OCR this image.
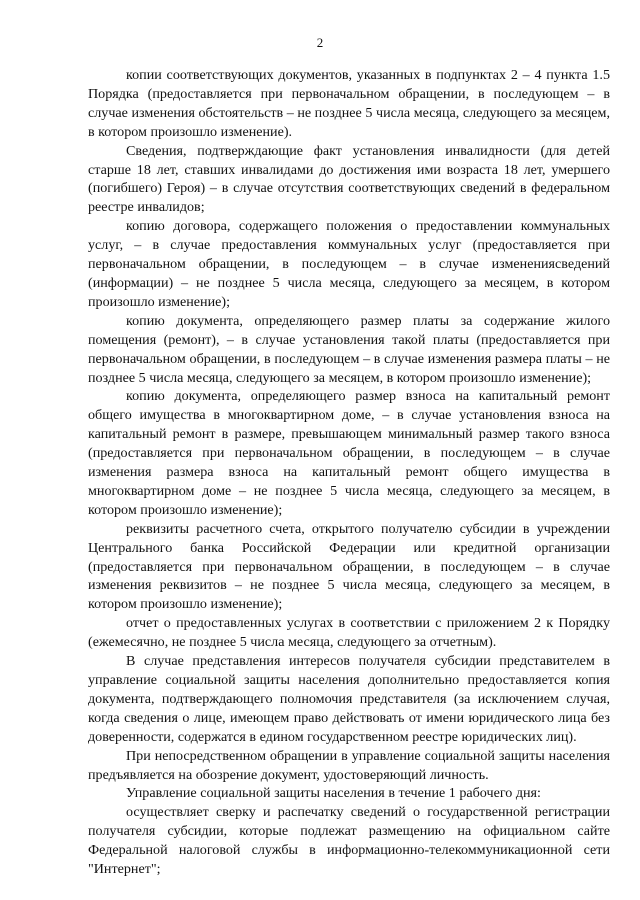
2

копии соответствующих документов, указанных в подпунктах 2 – 4 пункта 1.5 Порядка (предоставляется при первоначальном обращении, в последующем – в случае изменения обстоятельств – не позднее 5 числа месяца, следующего за месяцем, в котором произошло изменение).

Сведения, подтверждающие факт установления инвалидности (для детей старше 18 лет, ставших инвалидами до достижения ими возраста 18 лет, умершего (погибшего) Героя) – в случае отсутствия соответствующих сведений в федеральном реестре инвалидов;

копию договора, содержащего положения о предоставлении коммунальных услуг, – в случае предоставления коммунальных услуг (предоставляется при первоначальном обращении, в последующем – в случае изменениясведений (информации) – не позднее 5 числа месяца, следующего за месяцем, в котором произошло изменение);

копию документа, определяющего размер платы за содержание жилого помещения (ремонт), – в случае установления такой платы (предоставляется при первоначальном обращении, в последующем – в случае изменения размера платы – не позднее 5 числа месяца, следующего за месяцем, в котором произошло изменение);

копию документа, определяющего размер взноса на капитальный ремонт общего имущества в многоквартирном доме, – в случае установления взноса на капитальный ремонт в размере, превышающем минимальный размер такого взноса (предоставляется при первоначальном обращении, в последующем – в случае изменения размера взноса на капитальный ремонт общего имущества в многоквартирном доме – не позднее 5 числа месяца, следующего за месяцем, в котором произошло изменение);

реквизиты расчетного счета, открытого получателю субсидии в учреждении Центрального банка Российской Федерации или кредитной организации (предоставляется при первоначальном обращении, в последующем – в случае изменения реквизитов – не позднее 5 числа месяца, следующего за месяцем, в котором произошло изменение);

отчет о предоставленных услугах в соответствии с приложением 2 к Порядку (ежемесячно, не позднее 5 числа месяца, следующего за отчетным).

В случае представления интересов получателя субсидии представителем в управление социальной защиты населения дополнительно предоставляется копия документа, подтверждающего полномочия представителя (за исключением случая, когда сведения о лице, имеющем право действовать от имени юридического лица без доверенности, содержатся в едином государственном реестре юридических лиц).

При непосредственном обращении в управление социальной защиты населения предъявляется на обозрение документ, удостоверяющий личность.

Управление социальной защиты населения в течение 1 рабочего дня:

осуществляет сверку и распечатку сведений о государственной регистрации получателя субсидии, которые подлежат размещению на официальном сайте Федеральной налоговой службы в информационно-телекоммуникационной сети "Интернет";
